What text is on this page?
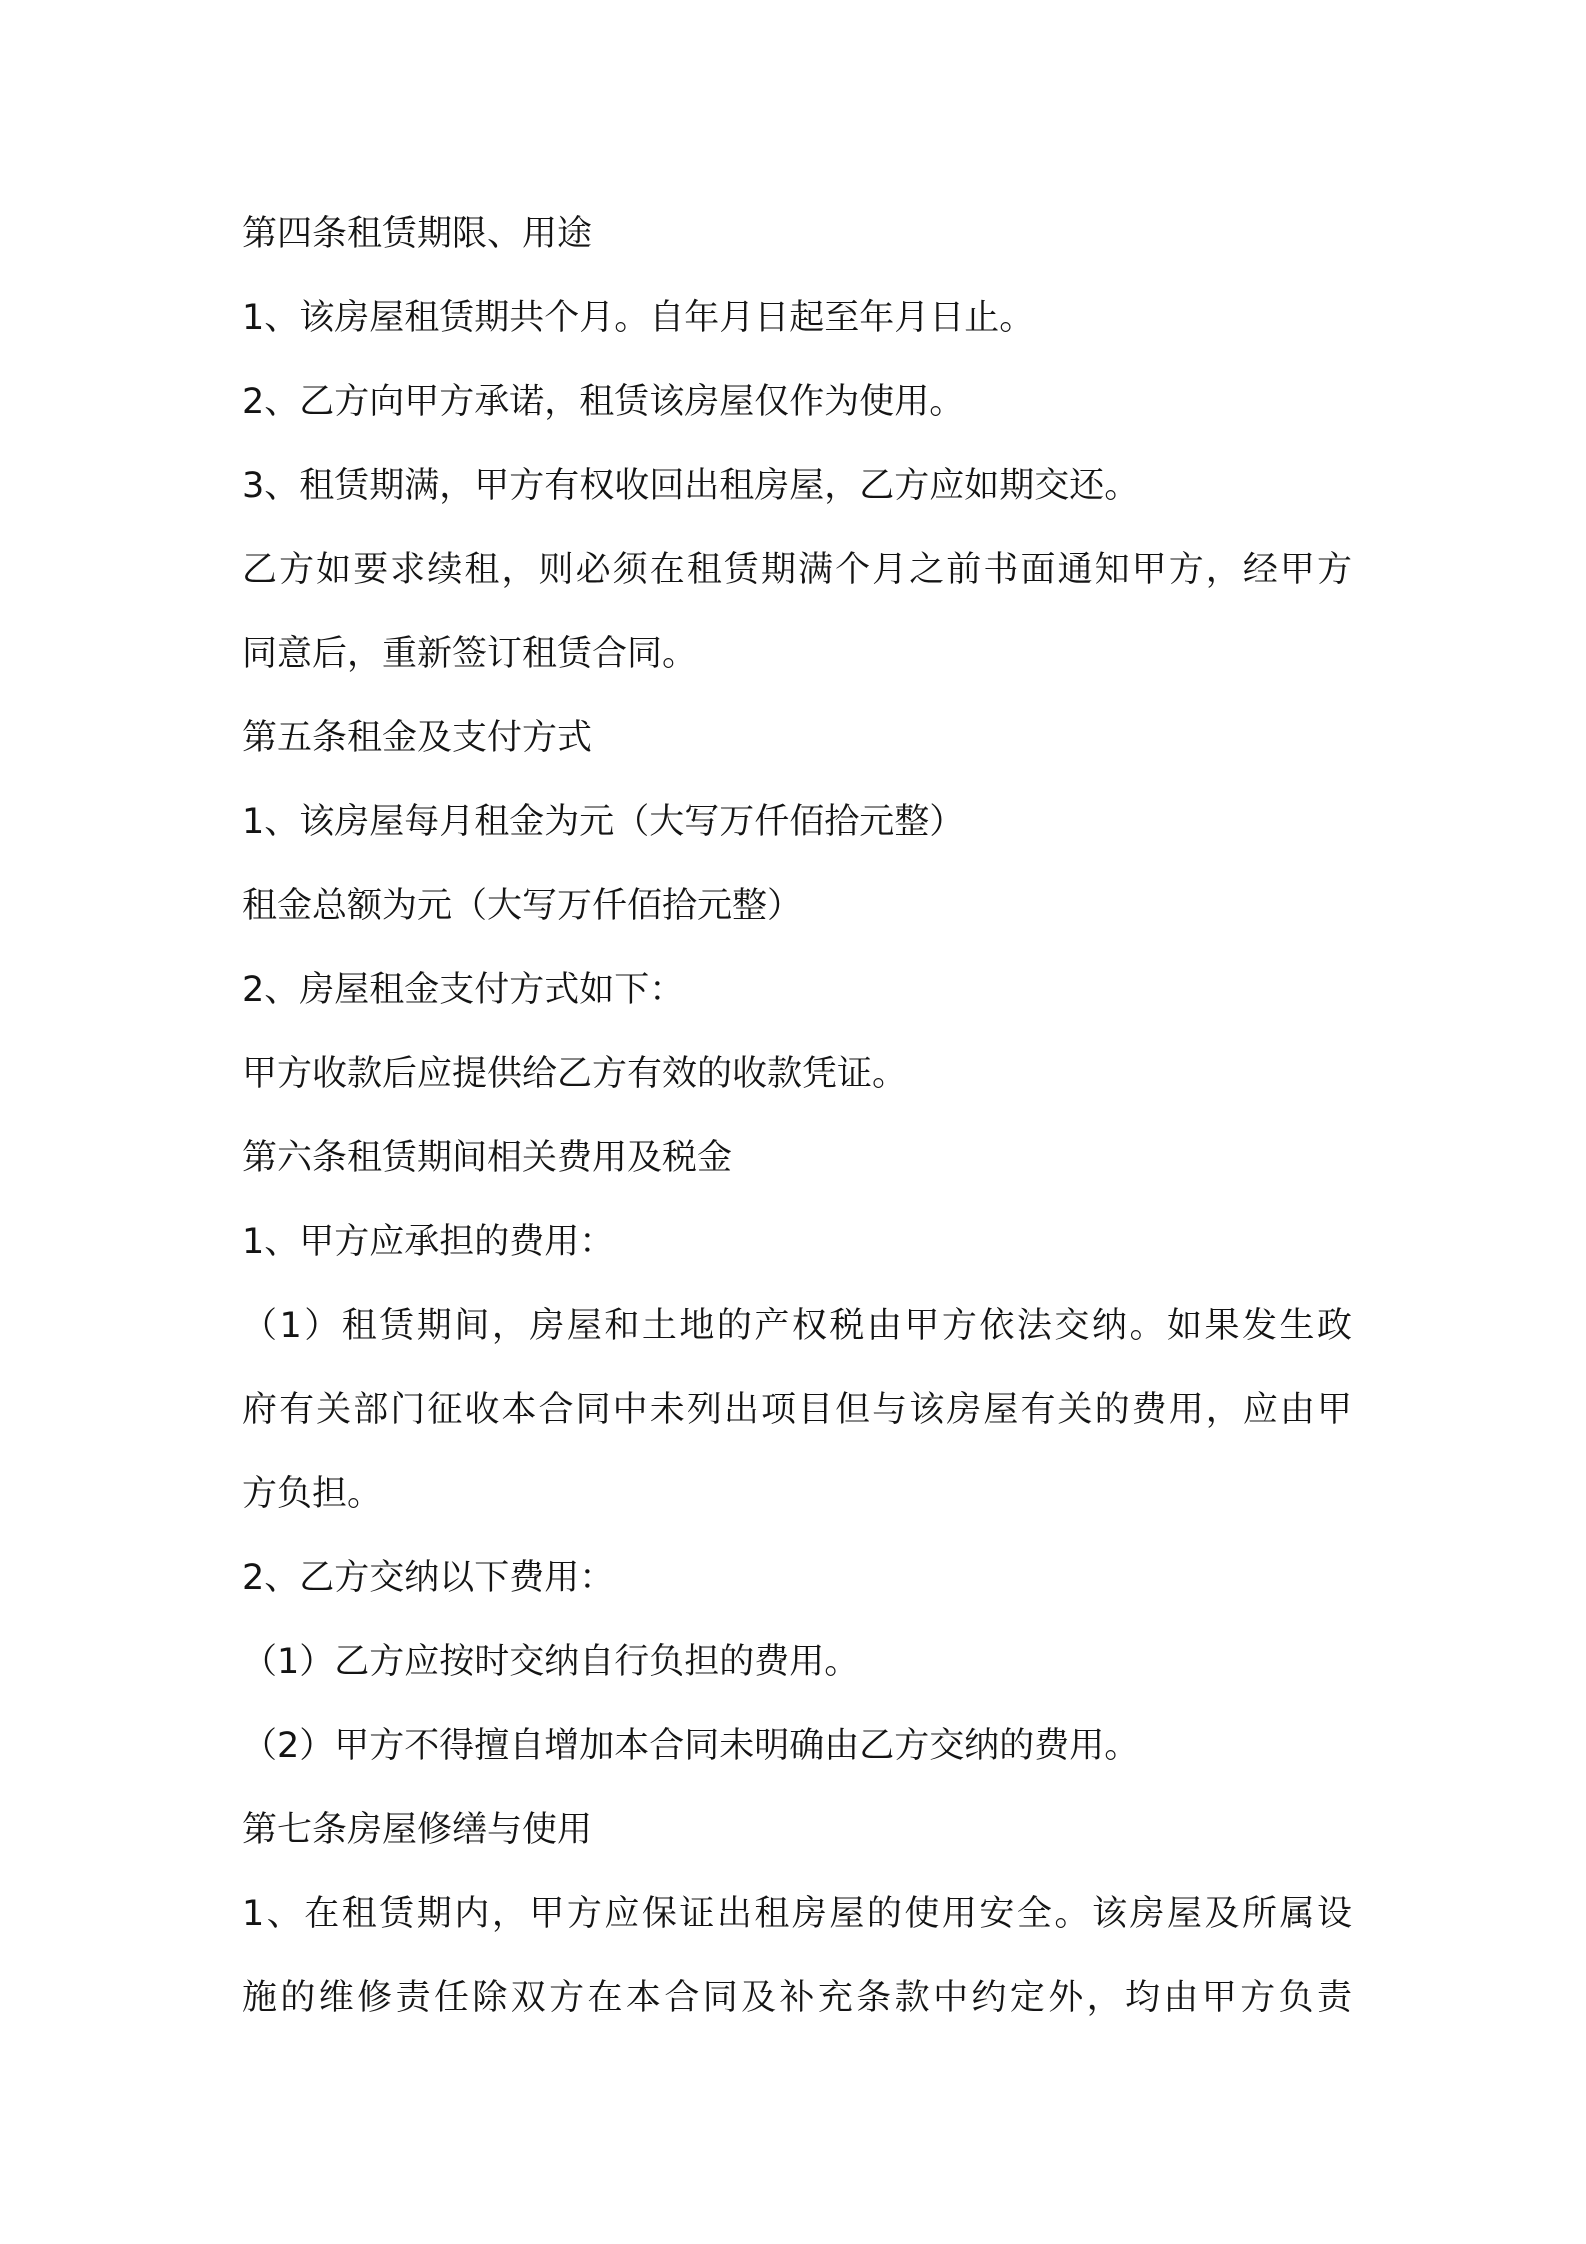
第四条租赁期限、用途

1、该房屋租赁期共个月。自年月日起至年月日止。

2、乙方向甲方承诺，租赁该房屋仅作为使用。

3、租赁期满，甲方有权收回出租房屋，乙方应如期交还。

乙方如要求续租，则必须在租赁期满个月之前书面通知甲方，经甲方

同意后，重新签订租赁合同。

第五条租金及支付方式

1、该房屋每月租金为元（大写万仟佰拾元整）

租金总额为元（大写万仟佰拾元整）

2、房屋租金支付方式如下：

甲方收款后应提供给乙方有效的收款凭证。

第六条租赁期间相关费用及税金

1、甲方应承担的费用：

（1）租赁期间，房屋和土地的产权税由甲方依法交纳。如果发生政

府有关部门征收本合同中未列出项目但与该房屋有关的费用，应由甲

方负担。

2、乙方交纳以下费用：

（1）乙方应按时交纳自行负担的费用。

（2）甲方不得擅自增加本合同未明确由乙方交纳的费用。

第七条房屋修缮与使用

1、在租赁期内，甲方应保证出租房屋的使用安全。该房屋及所属设

施的维修责任除双方在本合同及补充条款中约定外，均由甲方负责
